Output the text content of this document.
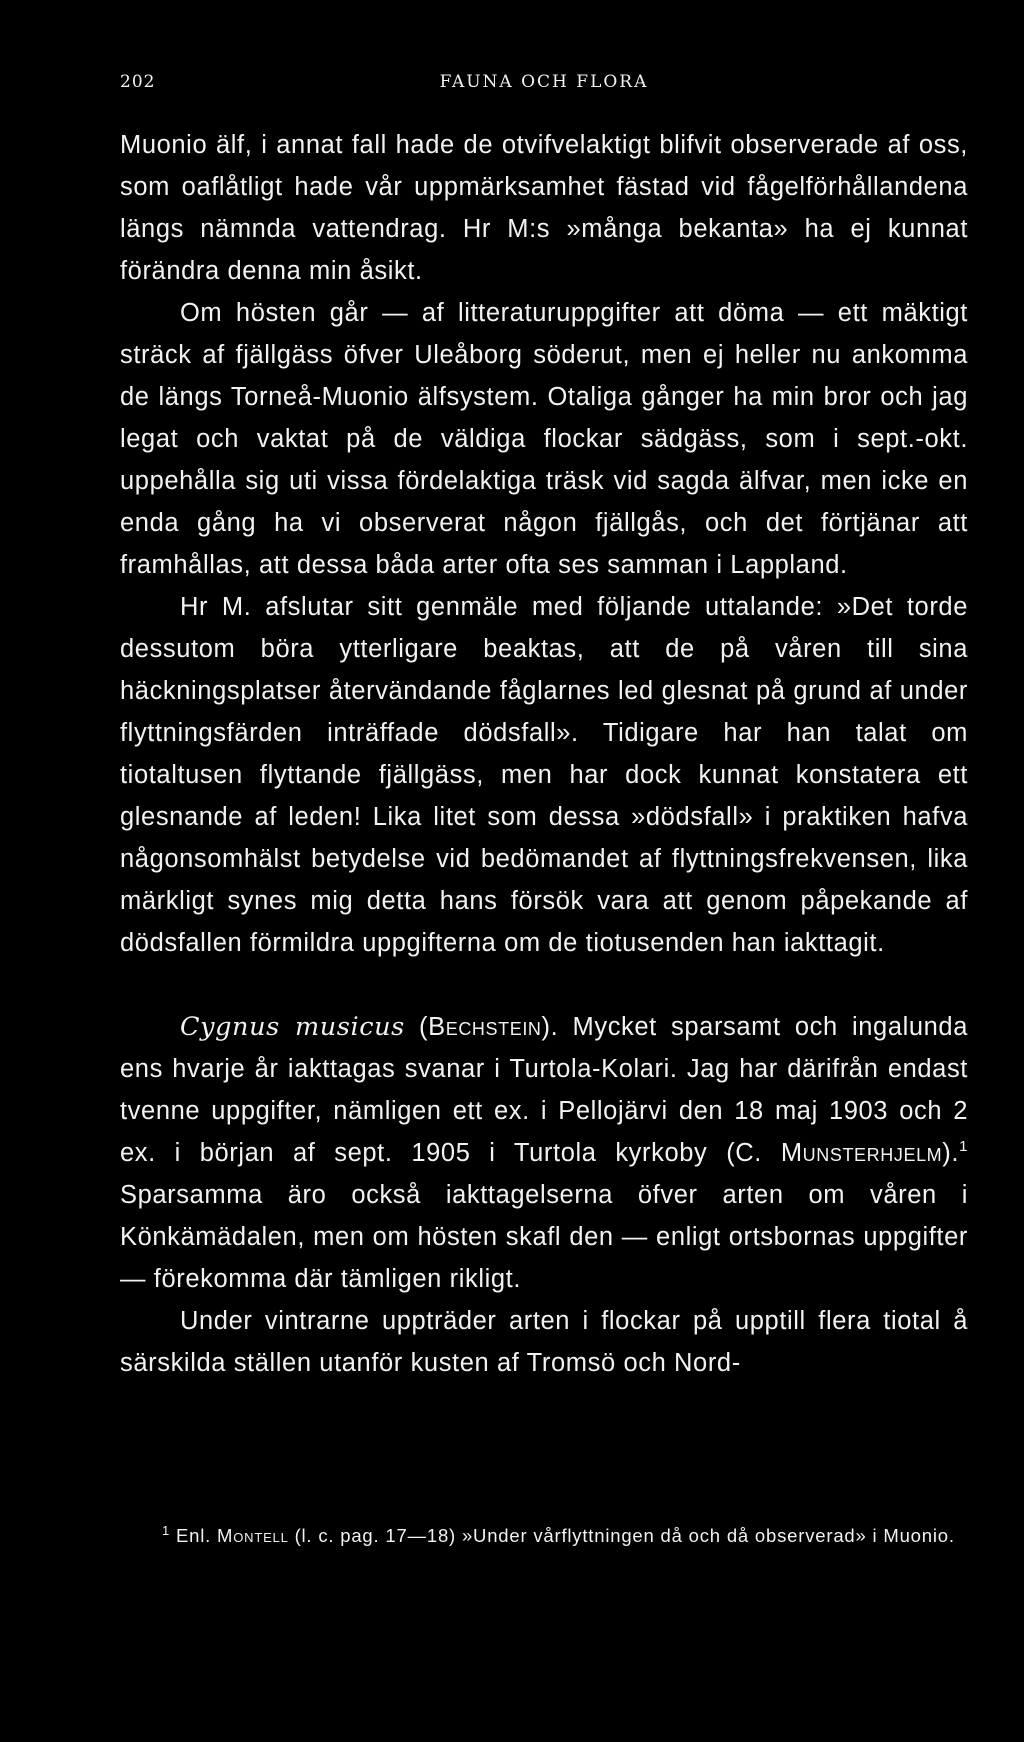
202	FAUNA OCH FLORA

Muonio älf, i annat fall hade de otvifvelaktigt blifvit observerade af oss, som oaflåtligt hade vår uppmärksamhet fästad vid fågelförhållandena längs nämnda vattendrag. Hr M:s »många bekanta» ha ej kunnat förändra denna min åsikt.

Om hösten går — af litteraturuppgifter att döma — ett mäktigt sträck af fjällgäss öfver Uleåborg söderut, men ej heller nu ankomma de längs Torneå-Muonio älfsystem. Otaliga gånger ha min bror och jag legat och vaktat på de väldiga flockar sädgäss, som i sept.-okt. uppehålla sig uti vissa fördelaktiga träsk vid sagda älfvar, men icke en enda gång ha vi observerat någon fjällgås, och det förtjänar att framhållas, att dessa båda arter ofta ses samman i Lappland.

Hr M. afslutar sitt genmäle med följande uttalande: »Det torde dessutom böra ytterligare beaktas, att de på våren till sina häckningsplatser återvändande fåglarnes led glesnat på grund af under flyttningsfärden inträffade dödsfall». Tidigare har han talat om tiotaltusen flyttande fjällgäss, men har dock kunnat konstatera ett glesnande af leden! Lika litet som dessa »dödsfall» i praktiken hafva någonsomhälst betydelse vid bedömandet af flyttningsfrekvensen, lika märkligt synes mig detta hans försök vara att genom påpekande af dödsfallen förmildra uppgifterna om de tiotusenden han iakttagit.

Cygnus musicus (Bechstein). Mycket sparsamt och ingalunda ens hvarje år iakttagas svanar i Turtola-Kolari. Jag har därifrån endast tvenne uppgifter, nämligen ett ex. i Pellojärvi den 18 maj 1903 och 2 ex. i början af sept. 1905 i Turtola kyrkoby (C. Munsterhjelm).$^1$ Sparsamma äro också iakttagelserna öfver arten om våren i Könkämädalen, men om hösten skafl den — enligt ortsbornas uppgifter — förekomma där tämligen rikligt.

Under vintrarne uppträder arten i flockar på upptill flera tiotal å särskilda ställen utanför kusten af Tromsö och Nord-

$^1$ Enl. Montell (l. c. pag. 17—18) »Under vårflyttningen då och då observerad» i Muonio.
